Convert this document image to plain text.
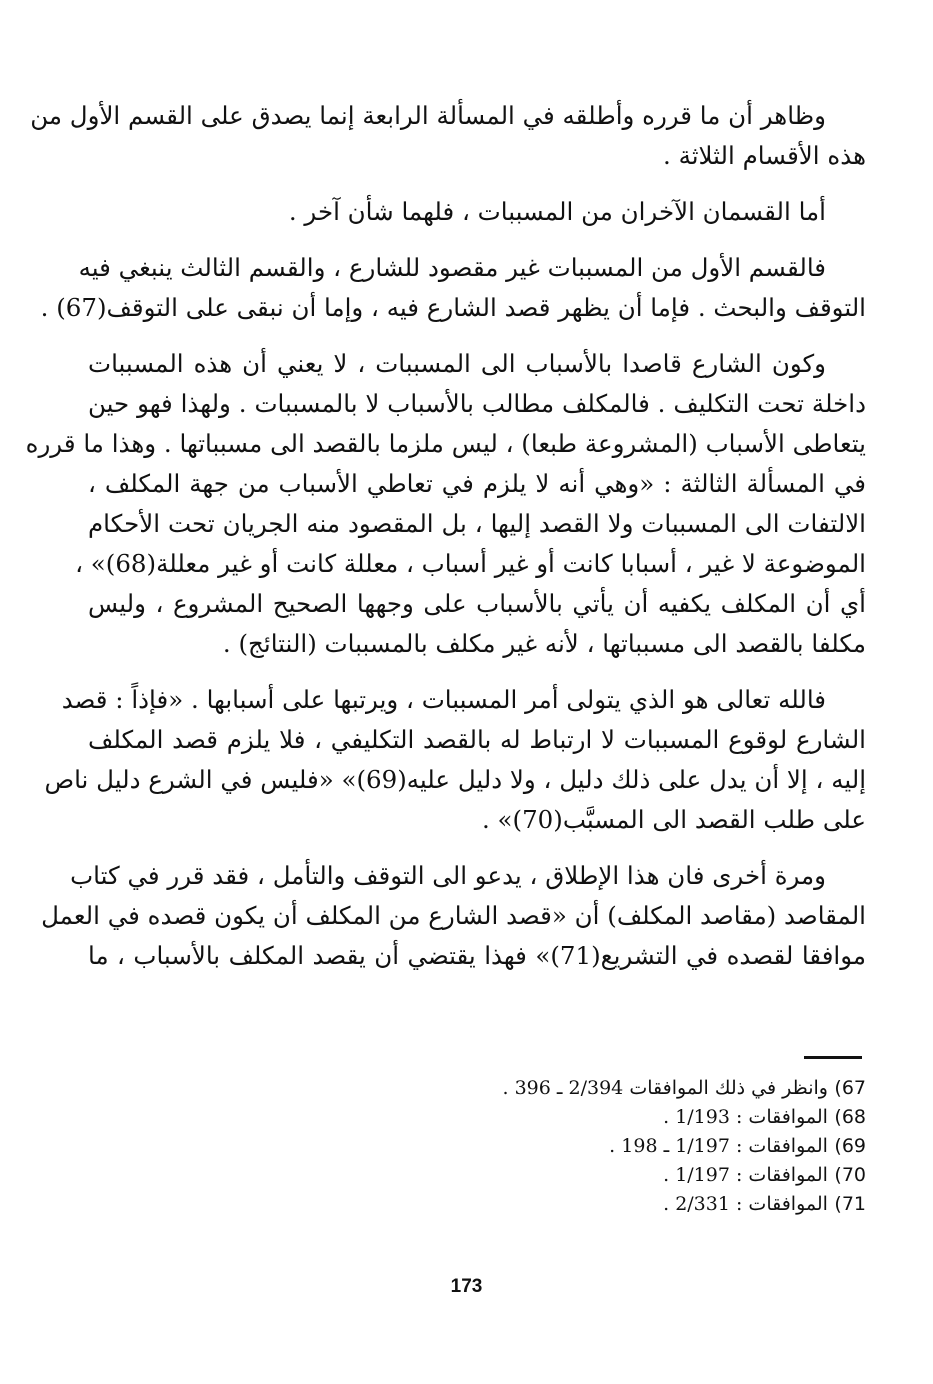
وظاهر أن ما قرره وأطلقه في المسألة الرابعة إنما يصدق على القسم الأول من
هذه الأقسام الثلاثة .

أما القسمان الآخران من المسببات ، فلهما شأن آخر .

فالقسم الأول من المسببات غير مقصود للشارع ، والقسم الثالث ينبغي فيه
التوقف والبحث . فإما أن يظهر قصد الشارع فيه ، وإما أن نبقى على التوقف(67) .

وكون الشارع قاصدا بالأسباب الى المسببات ، لا يعني أن هذه المسببات
داخلة تحت التكليف . فالمكلف مطالب بالأسباب لا بالمسببات . ولهذا فهو حين
يتعاطى الأسباب (المشروعة طبعا) ، ليس ملزما بالقصد الى مسبباتها . وهذا ما قرره
في المسألة الثالثة : «وهي أنه لا يلزم في تعاطي الأسباب من جهة المكلف ،
الالتفات الى المسببات ولا القصد إليها ، بل المقصود منه الجريان تحت الأحكام
الموضوعة لا غير ، أسبابا كانت أو غير أسباب ، معللة كانت أو غير معللة(68)» ،
أي أن المكلف يكفيه أن يأتي بالأسباب على وجهها الصحيح المشروع ، وليس
مكلفا بالقصد الى مسبباتها ، لأنه غير مكلف بالمسببات (النتائج) .

فالله تعالى هو الذي يتولى أمر المسببات ، ويرتبها على أسبابها . «فإذاً : قصد
الشارع لوقوع المسببات لا ارتباط له بالقصد التكليفي ، فلا يلزم قصد المكلف
إليه ، إلا أن يدل على ذلك دليل ، ولا دليل عليه(69)» «فليس في الشرع دليل ناص
على طلب القصد الى المسبَّب(70)» .

ومرة أخرى فان هذا الإطلاق ، يدعو الى التوقف والتأمل ، فقد قرر في كتاب
المقاصد (مقاصد المكلف) أن «قصد الشارع من المكلف أن يكون قصده في العمل
موافقا لقصده في التشريع(71)» فهذا يقتضي أن يقصد المكلف بالأسباب ، ما

67) وانظر في ذلك الموافقات 2/394 ـ 396 .
68) الموافقات : 1/193 .
69) الموافقات : 1/197 ـ 198 .
70) الموافقات : 1/197 .
71) الموافقات : 2/331 .
173
